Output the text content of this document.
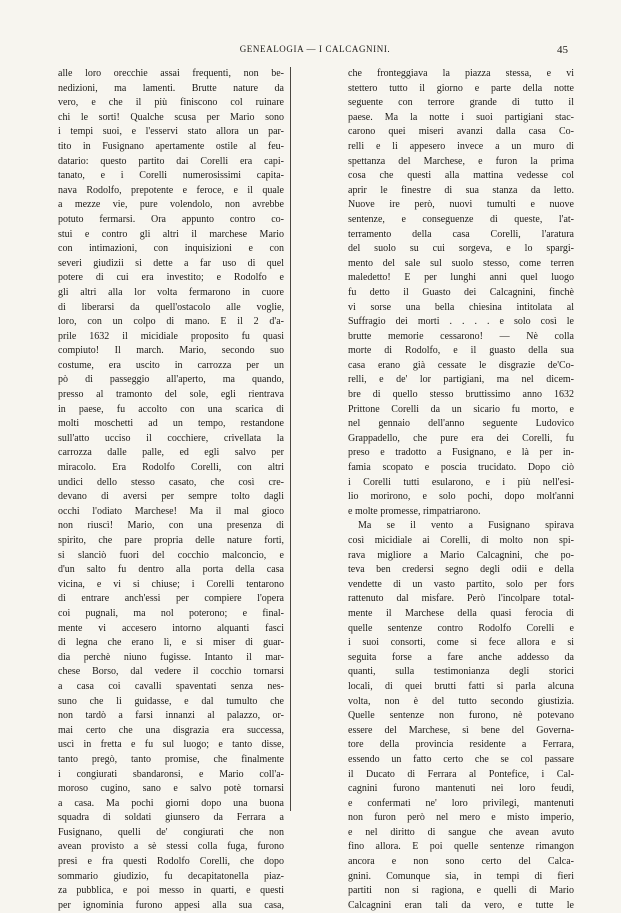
GENEALOGIA — I CALCAGNINI.	45
alle loro orecchie assai frequenti, non be-
nedizioni, ma lamenti. Brutte nature da
vero, e che il più finiscono col ruinare
chi le sorti! Qualche scusa per Mario sono
i tempi suoi, e l'esservi stato allora un par-
tito in Fusignano apertamente ostile al feu-
datario: questo partito dai Corelli era capi-
tanato, e i Corelli numerosissimi capita-
nava Rodolfo, prepotente e feroce, e il quale
a mezze vie, pure volendolo, non avrebbe
potuto fermarsi. Ora appunto contro co-
stui e contro gli altri il marchese Mario
con intimazioni, con inquisizioni e con
severi giudizii si dette a far uso di quel
potere di cui era investito; e Rodolfo e
gli altri alla lor volta fermarono in cuore
di liberarsi da quell'ostacolo alle voglie,
loro, con un colpo di mano. E il 2 d'a-
prile 1632 il micidiale proposito fu quasi
compiuto! Il march. Mario, secondo suo
costume, era uscito in carrozza per un
pò di passeggio all'aperto, ma quando,
presso al tramonto del sole, egli rientrava
in paese, fu accolto con una scarica di
molti moschetti ad un tempo, restandone
sull'atto ucciso il cocchiere, crivellata la
carrozza dalle palle, ed egli salvo per
miracolo. Era Rodolfo Corelli, con altri
undici dello stesso casato, che così cre-
devano di aversi per sempre tolto dagli
occhi l'odiato Marchese! Ma il mal gioco
non riuscì! Mario, con una presenza di
spirito, che pare propria delle nature forti,
si slanciò fuori del cocchio malconcio, e
d'un salto fu dentro alla porta della casa
vicina, e vi si chiuse; i Corelli tentarono
di entrare anch'essi per compiere l'opera
coi pugnali, ma nol poterono; e final-
mente vi accesero intorno alquanti fasci
di legna che erano lì, e si miser di guar-
dia perchè niuno fugisse. Intanto il mar-
chese Borso, dal vedere il cocchio tornarsi
a casa coi cavalli spaventati senza nes-
suno che li guidasse, e dal tumulto che
non tardò a farsi innanzi al palazzo, or-
mai certo che una disgrazia era successa,
uscì in fretta e fu sul luogo; e tanto disse,
tanto pregò, tanto promise, che finalmente
i congiurati sbandaronsi, e Mario coll'a-
moroso cugino, sano e salvo potè tornarsi
a casa. Ma pochi giorni dopo una buona
squadra di soldati giunsero da Ferrara a
Fusignano, quelli de' congiurati che non
avean provisto a sè stessi colla fuga, furono
presi e fra questi Rodolfo Corelli, che dopo
sommario giudizio, fu decapitatonella piaz-
za pubblica, e poi messo in quarti, e questi
per ignominia furono appesi alla sua casa,
che fronteggiava la piazza stessa, e vi
stettero tutto il giorno e parte della notte
seguente con terrore grande di tutto il
paese. Ma la notte i suoi partigiani stac-
carono quei miseri avanzi dalla casa Co-
relli e li appesero invece a un muro di
spettanza del Marchese, e furon la prima
cosa che questi alla mattina vedesse col
aprir le finestre di sua stanza da letto.
Nuove ire però, nuovi tumulti e nuove
sentenze, e conseguenze di queste, l'at-
terramento della casa Corelli, l'aratura
del suolo su cui sorgeva, e lo spargi-
mento del sale sul suolo stesso, come terren
maledetto! E per lunghi anni quel luogo
fu detto il Guasto dei Calcagnini, finchè
vi sorse una bella chiesina intitolata al
Suffragio dei morti . . . . e solo così le
brutte memorie cessarono! — Nè colla
morte di Rodolfo, e il guasto della sua
casa erano già cessate le disgrazie de'Co-
relli, e de' lor partigiani, ma nel dicem-
bre di quello stesso bruttissimo anno 1632
Prittone Corelli da un sicario fu morto, e
nel gennaio dell'anno seguente Ludovico
Grappadello, che pure era dei Corelli, fu
preso e tradotto a Fusignano, e là per in-
famia scopato e poscia trucidato. Dopo ciò
i Corelli tutti esularono, e i più nell'esi-
lio morirono, e solo pochi, dopo molt'anni
e molte promesse, rimpatriarono.
Ma se il vento a Fusignano spirava
così micidiale ai Corelli, di molto non spi-
rava migliore a Mario Calcagnini, che po-
teva ben credersi segno degli odii e della
vendette di un vasto partito, solo per fors
rattenuto dal misfare. Però l'incolpare total-
mente il Marchese della quasi ferocia di
quelle sentenze contro Rodolfo Corelli e
i suoi consorti, come si fece allora e si
seguita forse a fare anche addesso da
quanti, sulla testimonianza degli storici
locali, di quei brutti fatti si parla alcuna
volta, non è del tutto secondo giustizia.
Quelle sentenze non furono, nè potevano
essere del Marchese, sì bene del Governa-
tore della provincia residente a Ferrara,
essendo un fatto certo che se col passare
il Ducato di Ferrara al Pontefice, i Cal-
cagnini furono mantenuti nei loro feudi,
e confermati ne' loro privilegi, mantenuti
non furon però nel mero e misto imperio,
e nel diritto di sangue che avean avuto
fino allora. E poi quelle sentenze rimangon
ancora e non sono certo del Calca-
gnini. Comunque sia, in tempi di fieri
partiti non si ragiona, e quelli di Mario
Calcagnini eran tali da vero, e tutte le
